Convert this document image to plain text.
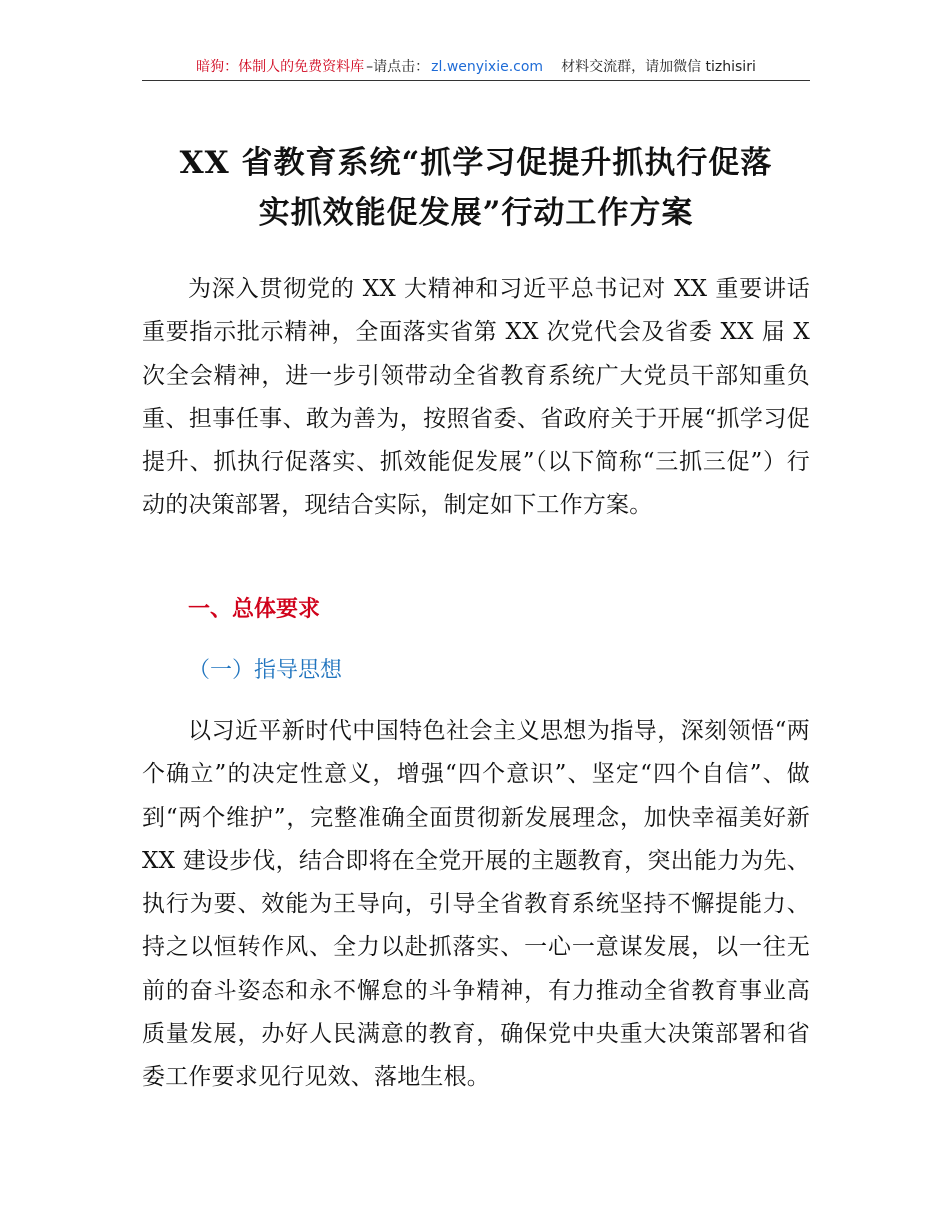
暗狗：体制人的免费资料库 –请点击： zl.wenyixie.com 材料交流群，请加微信 tizhisiri
XX 省教育系统“抓学习促提升抓执行促落
实抓效能促发展”行动工作方案

为深入贯彻党的 XX 大精神和习近平总书记对 XX 重要讲话重要指示批示精神，全面落实省第 XX 次党代会及省委 XX 届 X 次全会精神，进一步引领带动全省教育系统广大党员干部知重负重、担事任事、敢为善为，按照省委、省政府关于开展“抓学习促提升、抓执行促落实、抓效能促发展”（以下简称“三抓三促”）行动的决策部署，现结合实际，制定如下工作方案。

一、总体要求
（一）指导思想

以习近平新时代中国特色社会主义思想为指导，深刻领悟“两个确立”的决定性意义，增强“四个意识”、坚定“四个自信”、做到“两个维护”，完整准确全面贯彻新发展理念，加快幸福美好新 XX 建设步伐，结合即将在全党开展的主题教育，突出能力为先、执行为要、效能为王导向，引导全省教育系统坚持不懈提能力、持之以恒转作风、全力以赴抓落实、一心一意谋发展，以一往无前的奋斗姿态和永不懈怠的斗争精神，有力推动全省教育事业高质量发展，办好人民满意的教育，确保党中央重大决策部署和省委工作要求见行见效、落地生根。
